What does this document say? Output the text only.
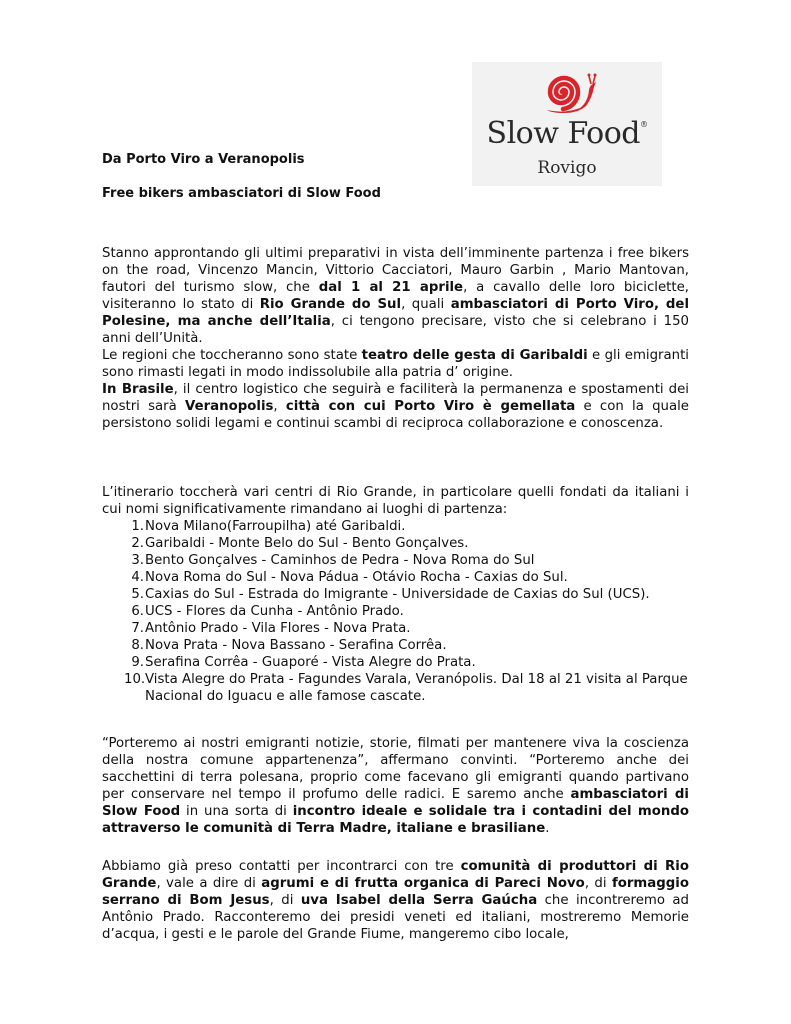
Slow Food®
Rovigo
Da Porto Viro a Veranopolis
Free bikers ambasciatori di Slow Food

Stanno approntando gli ultimi preparativi in vista dell’imminente partenza i free bikers on the road, Vincenzo Mancin, Vittorio Cacciatori, Mauro Garbin , Mario Mantovan, fautori del turismo slow, che dal 1 al 21 aprile, a cavallo delle loro biciclette, visiteranno lo stato di Rio Grande do Sul, quali ambasciatori di Porto Viro, del Polesine, ma anche dell’Italia, ci tengono precisare, visto che si celebrano i 150 anni dell’Unità.

Le regioni che toccheranno sono state teatro delle gesta di Garibaldi e gli emigranti sono rimasti legati in modo indissolubile alla patria d’ origine.

In Brasile, il centro logistico che seguirà e faciliterà la permanenza e spostamenti dei nostri sarà Veranopolis, città con cui Porto Viro è gemellata e con la quale persistono solidi legami e continui scambi di reciproca collaborazione e conoscenza.

L’itinerario toccherà vari centri di Rio Grande, in particolare quelli fondati da italiani i cui nomi significativamente rimandano ai luoghi di partenza:

1. Nova Milano(Farroupilha) até Garibaldi.
2. Garibaldi - Monte Belo do Sul - Bento Gonçalves.
3. Bento Gonçalves - Caminhos de Pedra - Nova Roma do Sul
4. Nova Roma do Sul - Nova Pádua - Otávio Rocha - Caxias do Sul.
5. Caxias do Sul - Estrada do Imigrante - Universidade de Caxias do Sul (UCS).
6. UCS - Flores da Cunha - Antônio Prado.
7. Antônio Prado - Vila Flores - Nova Prata.
8. Nova Prata - Nova Bassano - Serafina Corrêa.
9. Serafina Corrêa - Guaporé - Vista Alegre do Prata.
10. Vista Alegre do Prata - Fagundes Varala, Veranópolis. Dal 18 al 21 visita al Parque Nacional do Iguacu e alle famose cascate.

“Porteremo ai nostri emigranti notizie, storie, filmati per mantenere viva la coscienza della nostra comune appartenenza”, affermano convinti. “Porteremo anche dei sacchettini di terra polesana, proprio come facevano gli emigranti quando partivano per conservare nel tempo il profumo delle radici. E saremo anche ambasciatori di Slow Food in una sorta di incontro ideale e solidale tra i contadini del mondo attraverso le comunità di Terra Madre, italiane e brasiliane.

Abbiamo già preso contatti per incontrarci con tre comunità di produttori di Rio Grande, vale a dire di agrumi e di frutta organica di Pareci Novo, di formaggio serrano di Bom Jesus, di uva Isabel della Serra Gaúcha che incontreremo ad Antônio Prado. Racconteremo dei presidi veneti ed italiani, mostreremo Memorie d’acqua, i gesti e le parole del Grande Fiume, mangeremo cibo locale,
